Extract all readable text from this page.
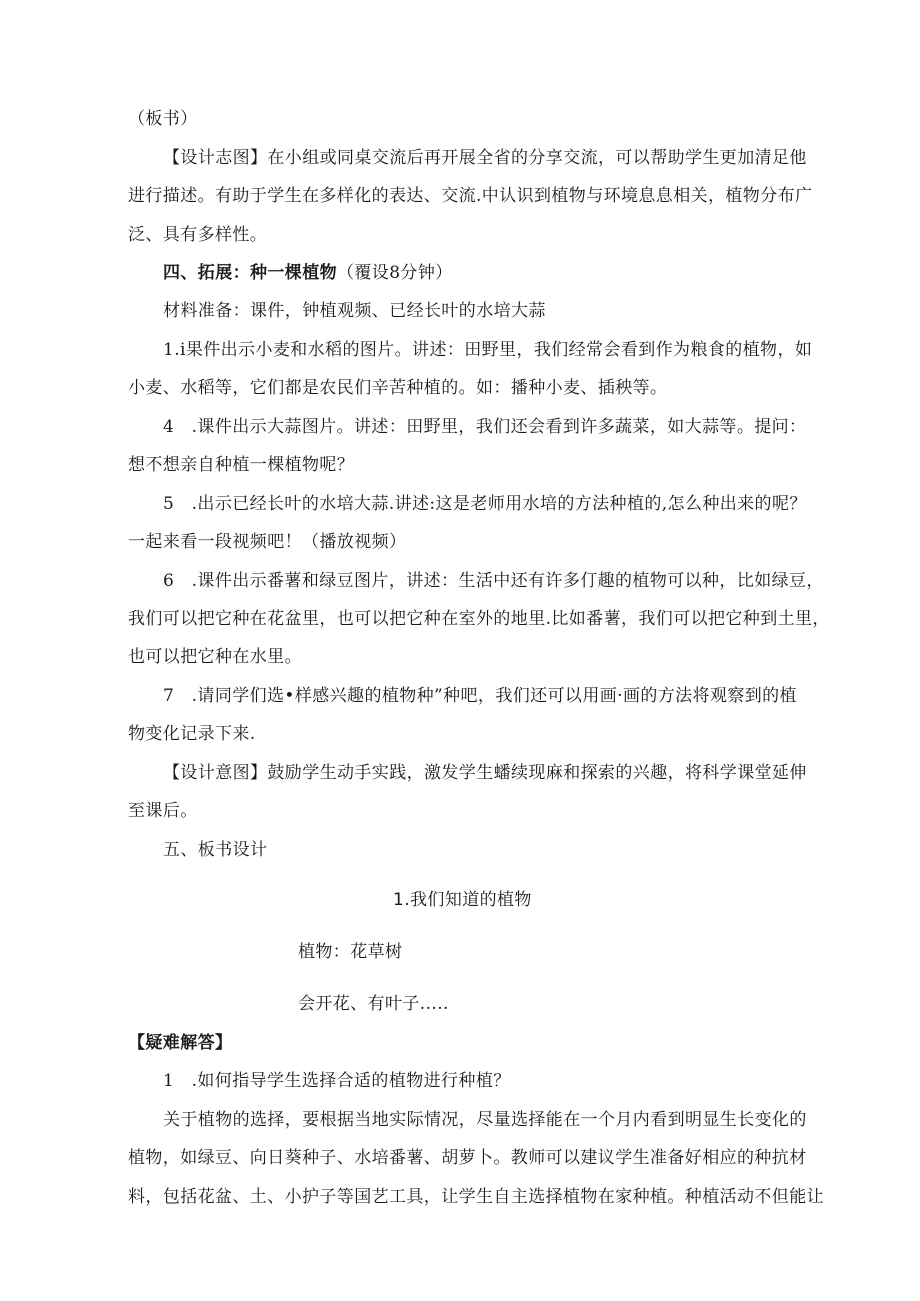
（板书）
【设计志图】在小组或同桌交流后再开展全省的分享交流，可以帮助学生更加清足他
进行描述。有助于学生在多样化的表达、交流.中认识到植物与环境息息相关，植物分布广
泛、具有多样性。
四、拓展：种一棵植物（覆设8分钟）
材料准备：课件，钟植观频、已经长叶的水培大蒜
1.i果件出示小麦和水稻的图片。讲述：田野里，我们经常会看到作为粮食的植物，如
小麦、水稻等，它们都是农民们辛苦种植的。如：播种小麦、插秧等。
4　.课件出示大蒜图片。讲述：田野里，我们还会看到许多蔬菜，如大蒜等。提问：
想不想亲自种植一棵植物呢？
5　.出示已经长叶的水培大蒜.讲述:这是老师用水培的方法种植的,怎么种出来的呢？
一起来看一段视频吧！（播放视频）
6　.课件出示番薯和绿豆图片，讲述：生活中还有许多仃趣的植物可以种，比如绿豆，
我们可以把它种在花盆里，也可以把它种在室外的地里.比如番薯，我们可以把它种到土里，
也可以把它种在水里。
7　.请同学们选•样感兴趣的植物种”种吧，我们还可以用画·画的方法将观察到的植
物变化记录下来.
【设计意图】鼓励学生动手实践，激发学生蟠续现麻和探索的兴趣，将科学课堂延伸
至课后。
五、板书设计
1.我们知道的植物
植物：花草树
会开花、有叶子.....
【疑难解答】
1　.如何指导学生选择合适的植物进行种植？
关于植物的选择，要根据当地实际情况，尽量选择能在一个月内看到明显生长变化的
植物，如绿豆、向日葵种子、水培番薯、胡萝卜。教师可以建议学生准备好相应的种抗材
料，包括花盆、土、小护子等国艺工具，让学生自主选择植物在家种植。种植活动不但能让
